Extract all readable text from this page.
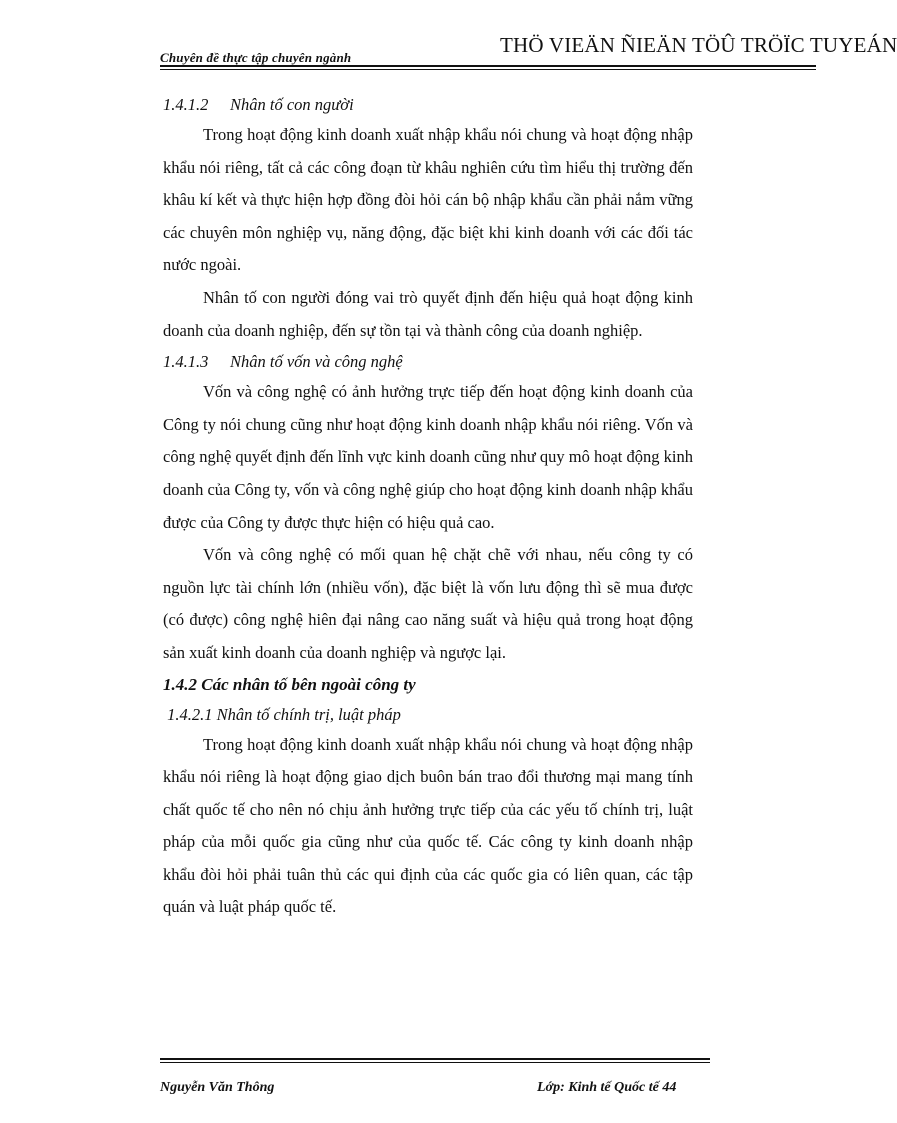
Chuyên đề thực tập chuyên ngành
THÖ VIEÄN ÑIEÄN TÖÛ TRÖÏC TUYEÁN

1.4.1.2 Nhân tố con người

Trong hoạt động kinh doanh xuất nhập khẩu nói chung và hoạt động nhập khẩu nói riêng, tất cả các công đoạn từ khâu nghiên cứu tìm hiểu thị trường đến khâu kí kết và thực hiện hợp đồng đòi hỏi cán bộ nhập khẩu cần phải nắm vững các chuyên môn nghiệp vụ, năng động, đặc biệt khi kinh doanh với các đối tác nước ngoài.

Nhân tố con người đóng vai trò quyết định đến hiệu quả hoạt động kinh doanh của doanh nghiệp, đến sự tồn tại và thành công của doanh nghiệp.

1.4.1.3 Nhân tố vốn và công nghệ

Vốn và công nghệ có ảnh hưởng trực tiếp đến hoạt động kinh doanh của Công ty nói chung cũng như hoạt động kinh doanh nhập khẩu nói riêng. Vốn và công nghệ quyết định đến lĩnh vực kinh doanh cũng như quy mô hoạt động kinh doanh của Công ty, vốn và công nghệ giúp cho hoạt động kinh doanh nhập khẩu được của Công ty được thực hiện có hiệu quả cao.

Vốn và công nghệ có mối quan hệ chặt chẽ với nhau, nếu công ty có nguồn lực tài chính lớn (nhiều vốn), đặc biệt là vốn lưu động thì sẽ mua được (có được) công nghệ hiên đại nâng cao năng suất và hiệu quả trong hoạt động sản xuất kinh doanh của doanh nghiệp và ngược lại.

1.4.2 Các nhân tố bên ngoài công ty

1.4.2.1 Nhân tố chính trị, luật pháp

Trong hoạt động kinh doanh xuất nhập khẩu nói chung và hoạt động nhập khẩu nói riêng là hoạt động giao dịch buôn bán trao đổi thương mại mang tính chất quốc tế cho nên nó chịu ảnh hưởng trực tiếp của các yếu tố chính trị, luật pháp của mỗi quốc gia cũng như của quốc tế. Các công ty kinh doanh nhập khẩu đòi hỏi phải tuân thủ các qui định của các quốc gia có liên quan, các tập quán và luật pháp quốc tế.

Nguyễn Văn Thông	Lớp: Kinh tế Quốc tế 44
